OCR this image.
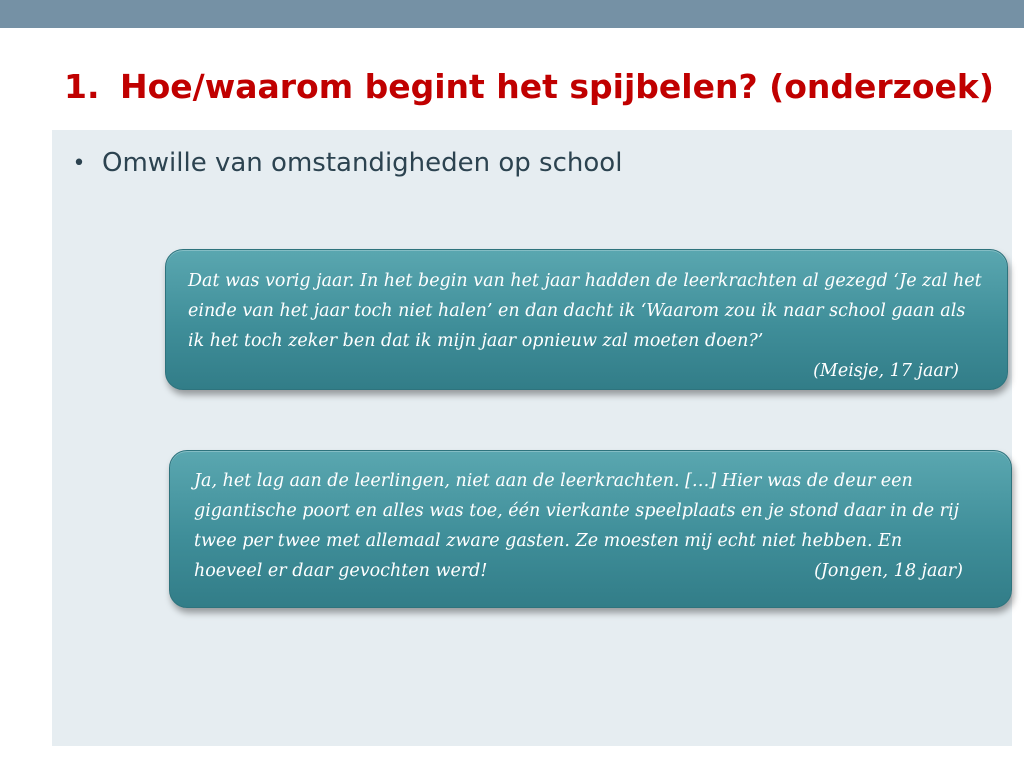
1. Hoe/waarom begint het spijbelen? (onderzoek)
• Omwille van omstandigheden op school
Dat was vorig jaar. In het begin van het jaar hadden de leerkrachten al gezegd ‘Je zal het einde van het jaar toch niet halen’ en dan dacht ik ‘Waarom zou ik naar school gaan als ik het toch zeker ben dat ik mijn jaar opnieuw zal moeten doen?’
(Meisje, 17 jaar)
Ja, het lag aan de leerlingen, niet aan de leerkrachten. […] Hier was de deur een gigantische poort en alles was toe, één vierkante speelplaats en je stond daar in de rij twee per twee met allemaal zware gasten. Ze moesten mij echt niet hebben. En
hoeveel er daar gevochten werd!	(Jongen, 18 jaar)
